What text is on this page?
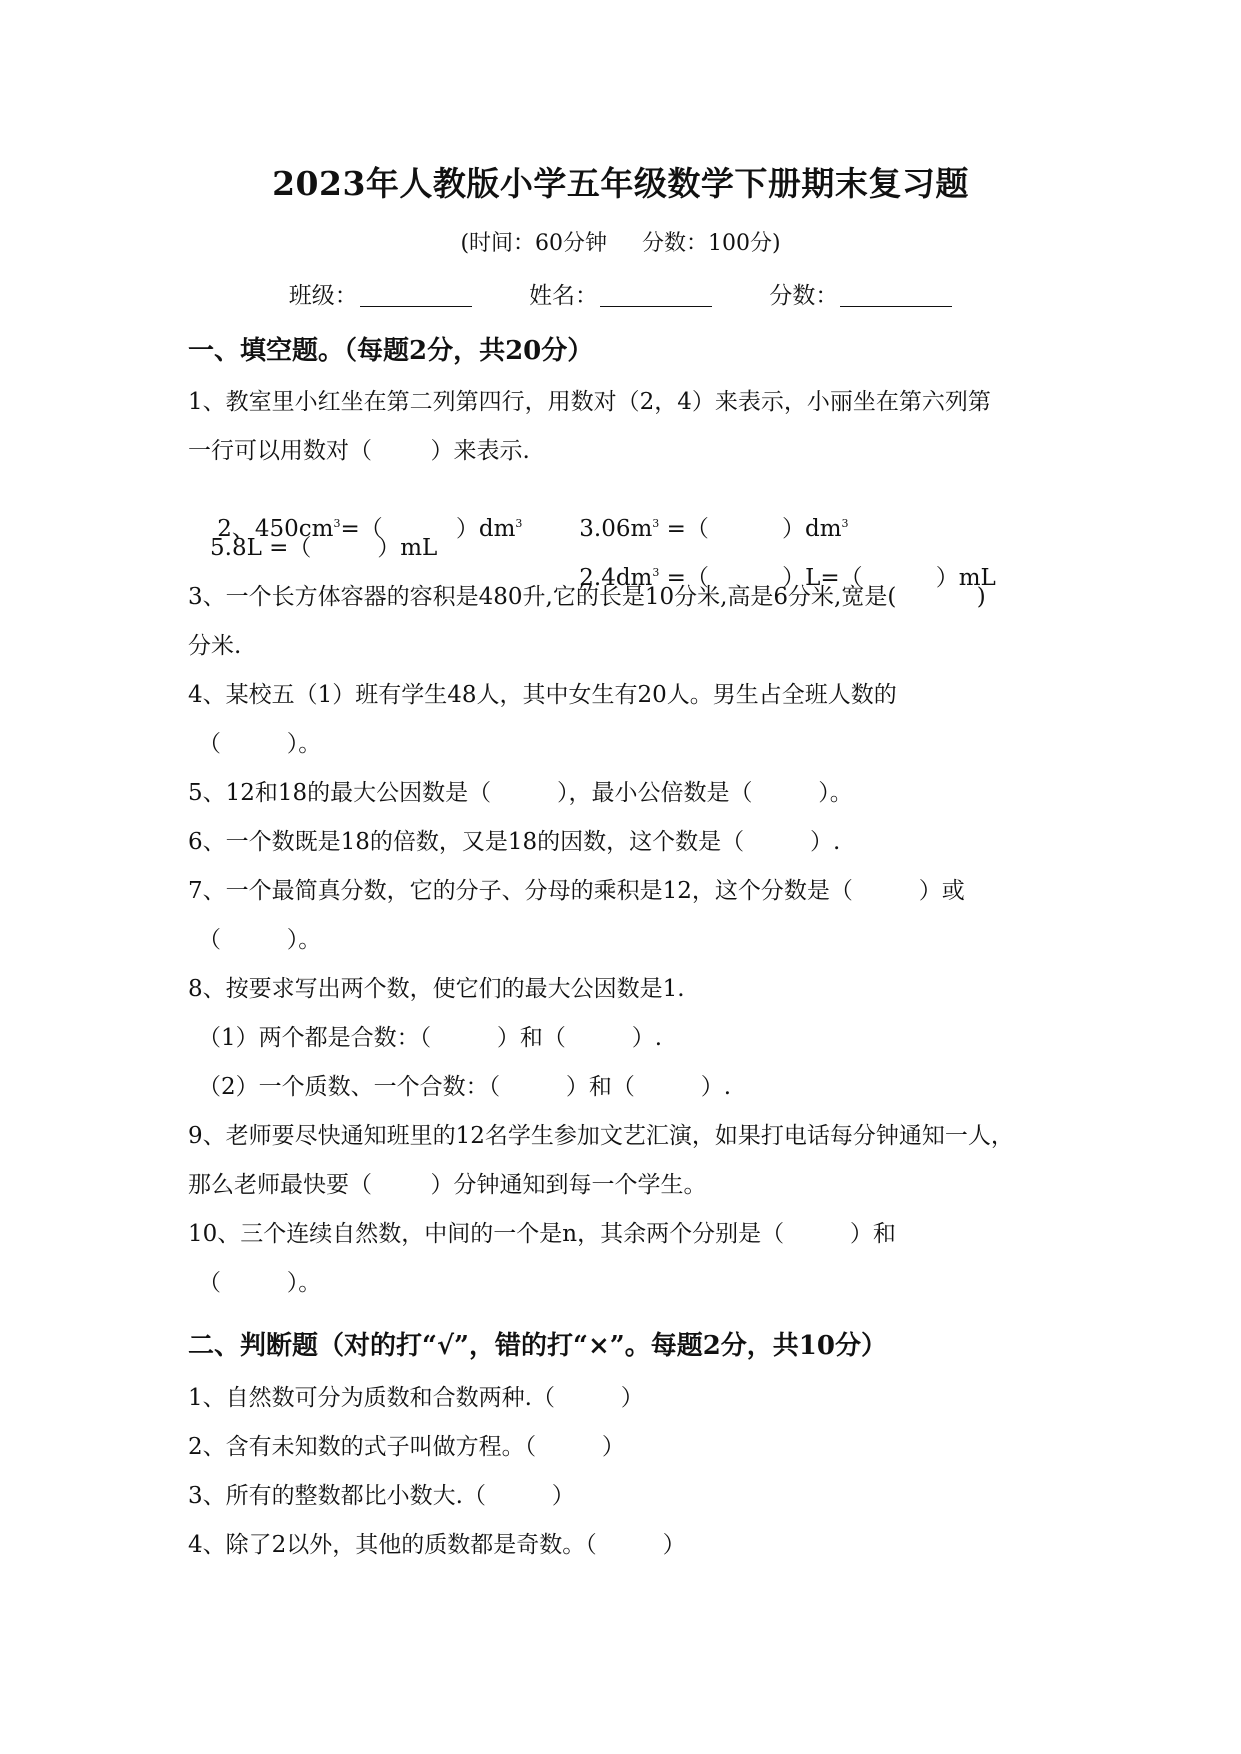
2023年人教版小学五年级数学下册期末复习题
(时间：60分钟     分数：100分)
班级：	姓名：	分数：
一、填空题。（每题2分，共20分）
1、教室里小红坐在第二列第四行，用数对（2，4）来表示，小丽坐在第六列第
一行可以用数对（        ）来表示.

2、$450cm^3=$（          ）$dm^3$
	$3.06m^3$ =（          ）$dm^3$

5.8L =（         ）mL

$2.4dm^3$ =（          ）L=（          ）mL

3、一个长方体容器的容积是480升,它的长是10分米,高是6分米,宽是(           )
分米.
4、某校五（1）班有学生48人，其中女生有20人。男生占全班人数的
（         ）。
5、12和18的最大公因数是（         ），最小公倍数是（         ）。
6、一个数既是18的倍数，又是18的因数，这个数是（         ）.
7、一个最简真分数，它的分子、分母的乘积是12，这个分数是（         ）或
（         ）。
8、按要求写出两个数，使它们的最大公因数是1.
（1）两个都是合数：（         ）和（         ）.
（2）一个质数、一个合数：（         ）和（         ）.
9、老师要尽快通知班里的12名学生参加文艺汇演，如果打电话每分钟通知一人，
那么老师最快要（        ）分钟通知到每一个学生。
10、三个连续自然数，中间的一个是n，其余两个分别是（         ）和
（         ）。
二、判断题（对的打“√”，错的打“×”。每题2分，共10分）
1、自然数可分为质数和合数两种.（         ）
2、含有未知数的式子叫做方程。（         ）
3、所有的整数都比小数大.（         ）
4、除了2以外，其他的质数都是奇数。（         ）
